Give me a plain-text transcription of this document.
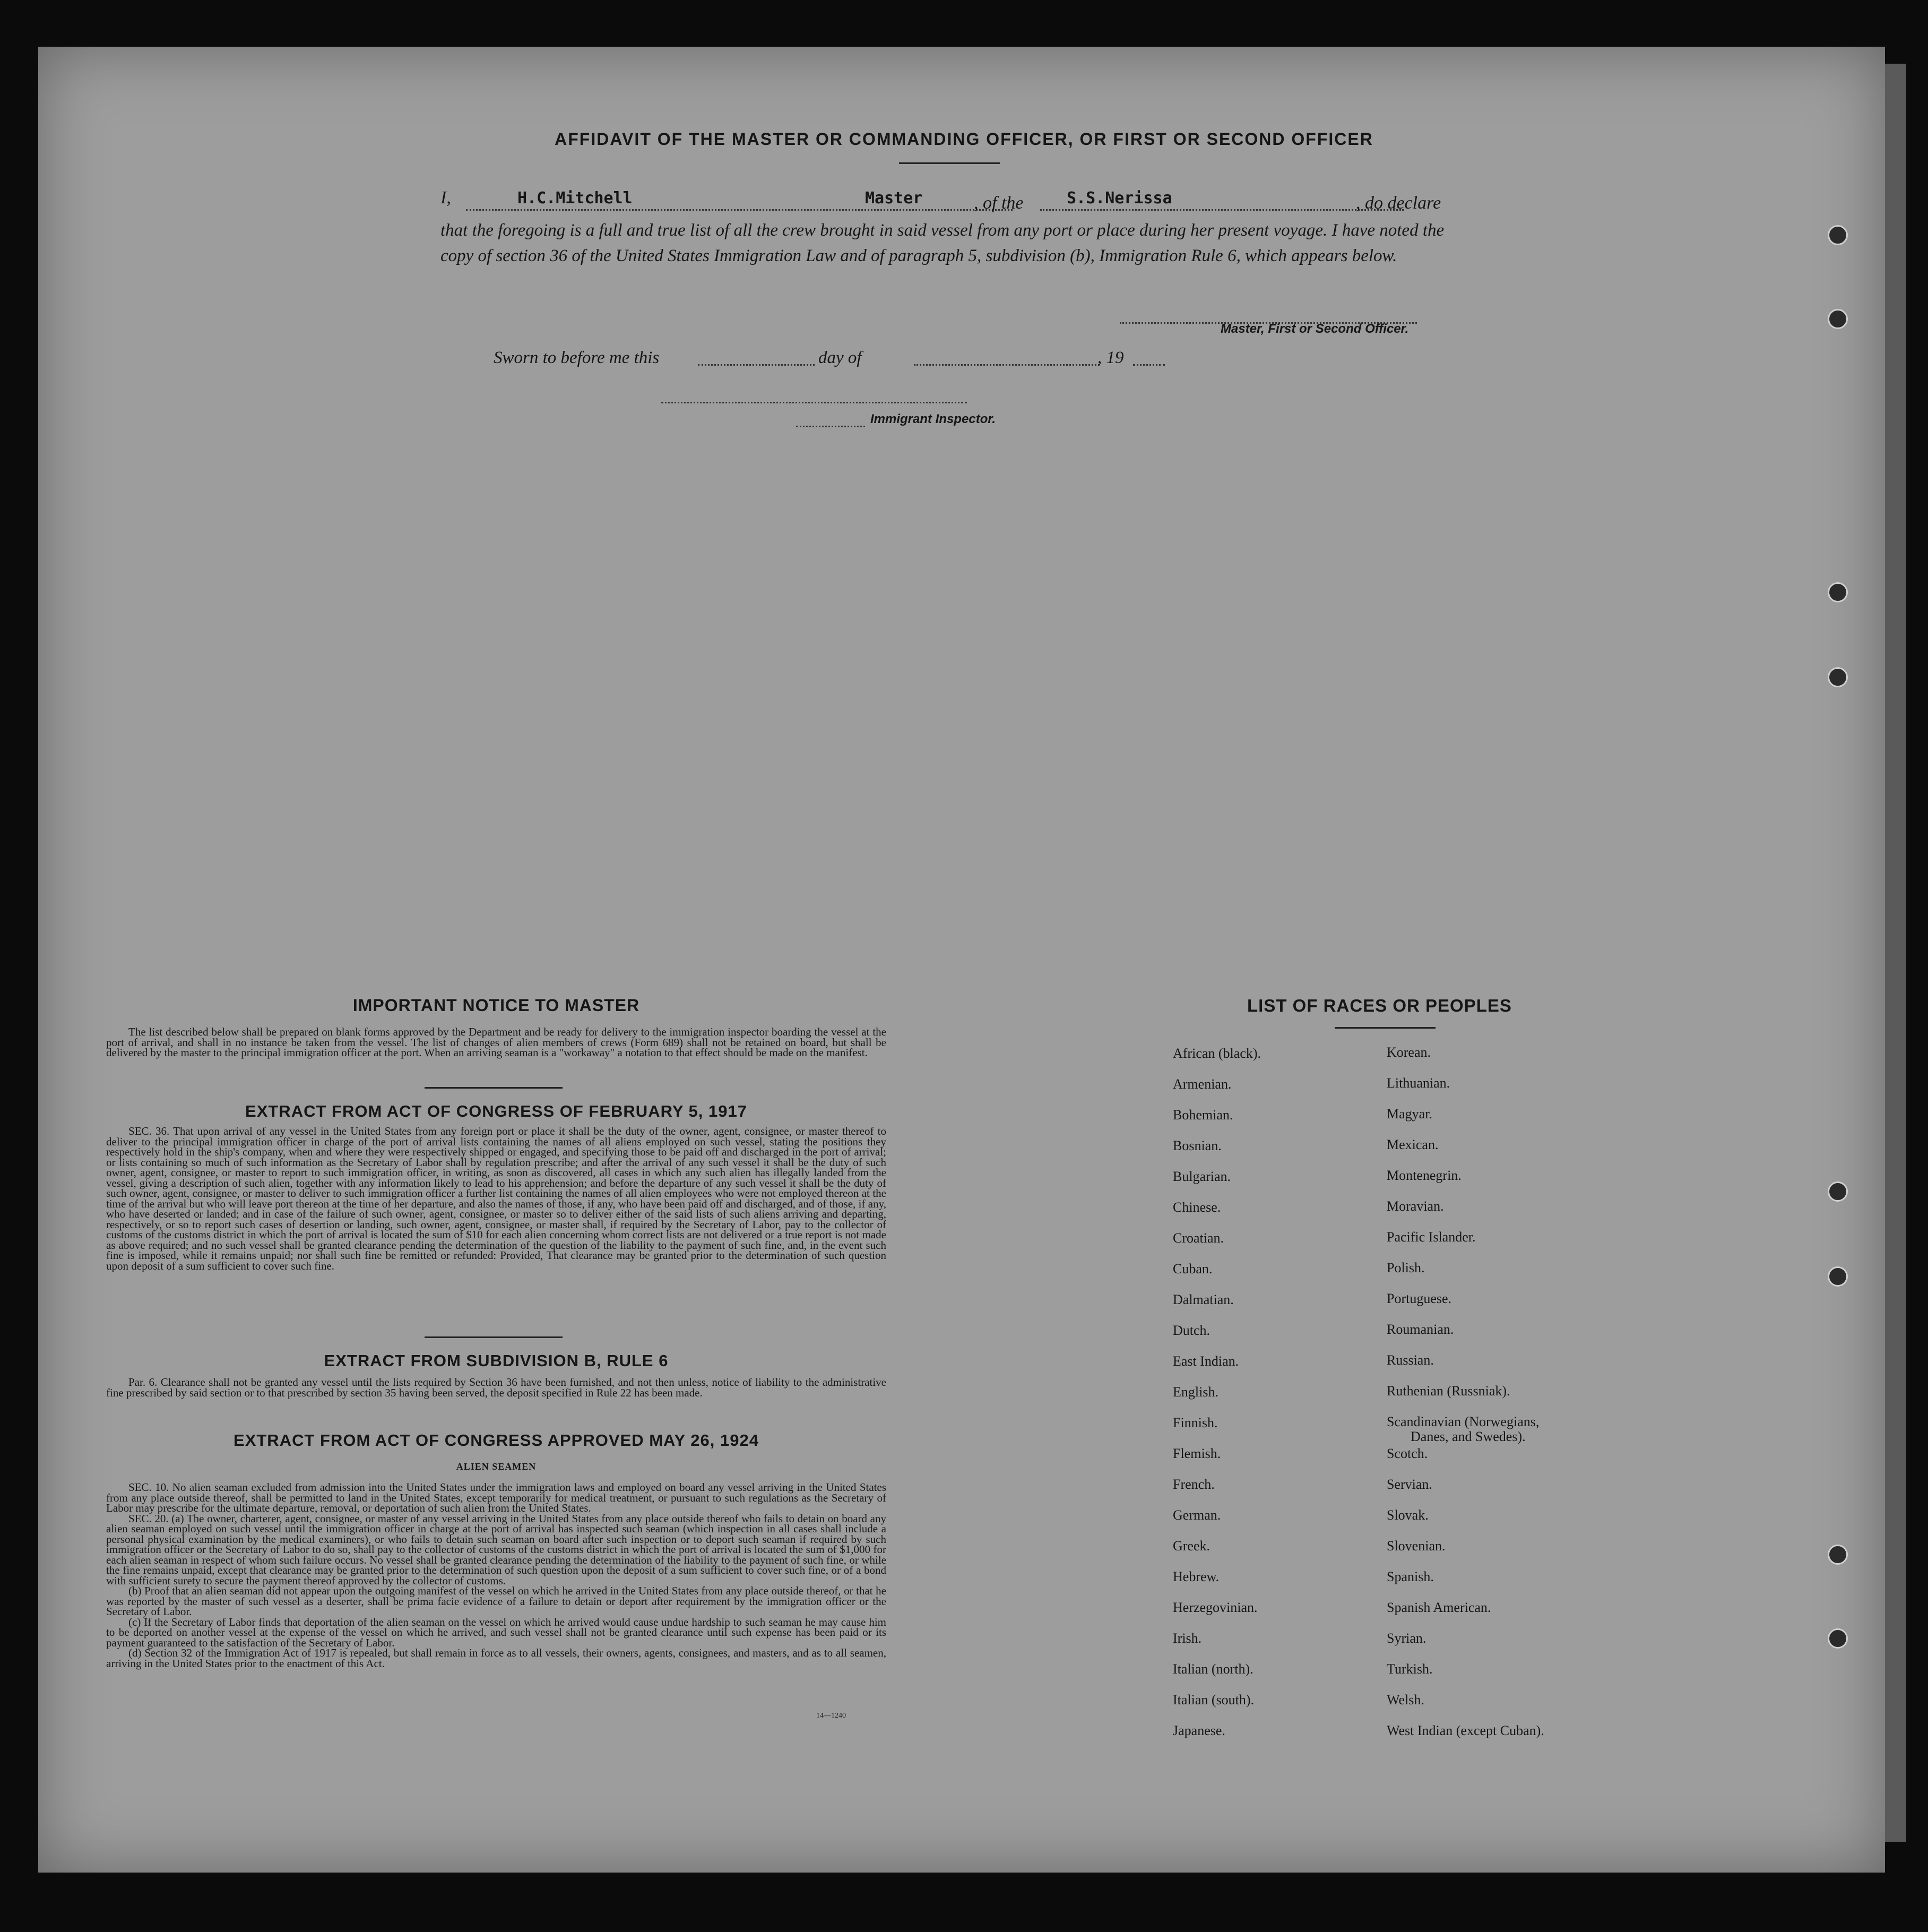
AFFIDAVIT OF THE MASTER OR COMMANDING OFFICER, OR FIRST OR SECOND OFFICER
I,	H.C.Mitchell	Master	, of the	S.S.Nerissa	, do declare
that the foregoing is a full and true list of all the crew brought in said vessel from any port or place during her present voyage. I have noted the copy of section 36 of the United States Immigration Law and of paragraph 5, subdivision (b), Immigration Rule 6, which appears below.
Master, First or Second Officer.
Sworn to before me this	day of	, 19
Immigrant Inspector.
IMPORTANT NOTICE TO MASTER

The list described below shall be prepared on blank forms approved by the Department and be ready for delivery to the immigration inspector boarding the vessel at the port of arrival, and shall in no instance be taken from the vessel. The list of changes of alien members of crews (Form 689) shall not be retained on board, but shall be delivered by the master to the principal immigration officer at the port. When an arriving seaman is a "workaway" a notation to that effect should be made on the manifest.

EXTRACT FROM ACT OF CONGRESS OF FEBRUARY 5, 1917

SEC. 36. That upon arrival of any vessel in the United States from any foreign port or place it shall be the duty of the owner, agent, consignee, or master thereof to deliver to the principal immigration officer in charge of the port of arrival lists containing the names of all aliens employed on such vessel, stating the positions they respectively hold in the ship's company, when and where they were respectively shipped or engaged, and specifying those to be paid off and discharged in the port of arrival; or lists containing so much of such information as the Secretary of Labor shall by regulation prescribe; and after the arrival of any such vessel it shall be the duty of such owner, agent, consignee, or master to report to such immigration officer, in writing, as soon as discovered, all cases in which any such alien has illegally landed from the vessel, giving a description of such alien, together with any information likely to lead to his apprehension; and before the departure of any such vessel it shall be the duty of such owner, agent, consignee, or master to deliver to such immigration officer a further list containing the names of all alien employees who were not employed thereon at the time of the arrival but who will leave port thereon at the time of her departure, and also the names of those, if any, who have been paid off and discharged, and of those, if any, who have deserted or landed; and in case of the failure of such owner, agent, consignee, or master so to deliver either of the said lists of such aliens arriving and departing, respectively, or so to report such cases of desertion or landing, such owner, agent, consignee, or master shall, if required by the Secretary of Labor, pay to the collector of customs of the customs district in which the port of arrival is located the sum of $10 for each alien concerning whom correct lists are not delivered or a true report is not made as above required; and no such vessel shall be granted clearance pending the determination of the question of the liability to the payment of such fine, and, in the event such fine is imposed, while it remains unpaid; nor shall such fine be remitted or refunded: Provided, That clearance may be granted prior to the determination of such question upon deposit of a sum sufficient to cover such fine.

EXTRACT FROM SUBDIVISION B, RULE 6

Par. 6. Clearance shall not be granted any vessel until the lists required by Section 36 have been furnished, and not then unless, notice of liability to the administrative fine prescribed by said section or to that prescribed by section 35 having been served, the deposit specified in Rule 22 has been made.

EXTRACT FROM ACT OF CONGRESS APPROVED MAY 26, 1924
ALIEN SEAMEN

SEC. 10. No alien seaman excluded from admission into the United States under the immigration laws and employed on board any vessel arriving in the United States from any place outside thereof, shall be permitted to land in the United States, except temporarily for medical treatment, or pursuant to such regulations as the Secretary of Labor may prescribe for the ultimate departure, removal, or deportation of such alien from the United States.

SEC. 20. (a) The owner, charterer, agent, consignee, or master of any vessel arriving in the United States from any place outside thereof who fails to detain on board any alien seaman employed on such vessel until the immigration officer in charge at the port of arrival has inspected such seaman (which inspection in all cases shall include a personal physical examination by the medical examiners), or who fails to detain such seaman on board after such inspection or to deport such seaman if required by such immigration officer or the Secretary of Labor to do so, shall pay to the collector of customs of the customs district in which the port of arrival is located the sum of $1,000 for each alien seaman in respect of whom such failure occurs. No vessel shall be granted clearance pending the determination of the liability to the payment of such fine, or while the fine remains unpaid, except that clearance may be granted prior to the determination of such question upon the deposit of a sum sufficient to cover such fine, or of a bond with sufficient surety to secure the payment thereof approved by the collector of customs.

(b) Proof that an alien seaman did not appear upon the outgoing manifest of the vessel on which he arrived in the United States from any place outside thereof, or that he was reported by the master of such vessel as a deserter, shall be prima facie evidence of a failure to detain or deport after requirement by the immigration officer or the Secretary of Labor.

(c) If the Secretary of Labor finds that deportation of the alien seaman on the vessel on which he arrived would cause undue hardship to such seaman he may cause him to be deported on another vessel at the expense of the vessel on which he arrived, and such vessel shall not be granted clearance until such expense has been paid or its payment guaranteed to the satisfaction of the Secretary of Labor.

(d) Section 32 of the Immigration Act of 1917 is repealed, but shall remain in force as to all vessels, their owners, agents, consignees, and masters, and as to all seamen, arriving in the United States prior to the enactment of this Act.

14—1240
LIST OF RACES OR PEOPLES
African (black).
Armenian.
Bohemian.
Bosnian.
Bulgarian.
Chinese.
Croatian.
Cuban.
Dalmatian.
Dutch.
East Indian.
English.
Finnish.
Flemish.
French.
German.
Greek.
Hebrew.
Herzegovinian.
Irish.
Italian (north).
Italian (south).
Japanese.
Korean.
Lithuanian.
Magyar.
Mexican.
Montenegrin.
Moravian.
Pacific Islander.
Polish.
Portuguese.
Roumanian.
Russian.
Ruthenian (Russniak).
Scandinavian (Norwegians,
Danes, and Swedes).
Scotch.
Servian.
Slovak.
Slovenian.
Spanish.
Spanish American.
Syrian.
Turkish.
Welsh.
West Indian (except Cuban).
